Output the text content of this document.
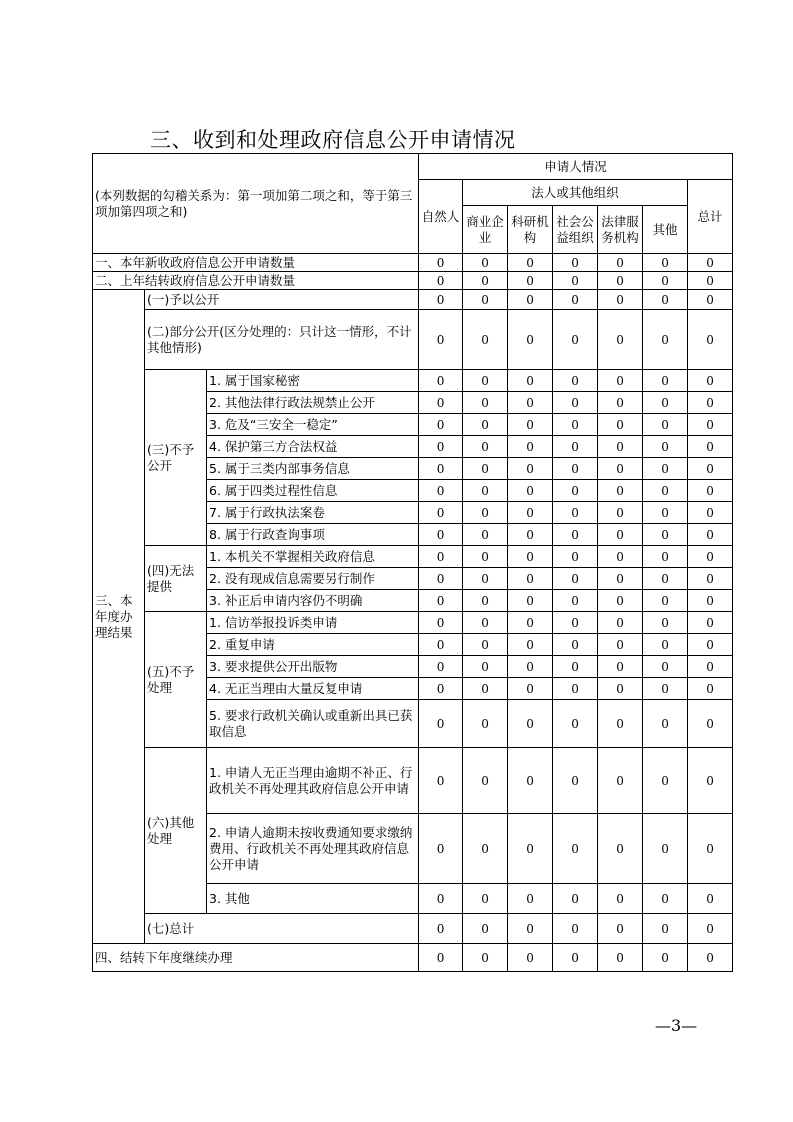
三、收到和处理政府信息公开申请情况
(本列数据的勾稽关系为：第一项加第二项之和，等于第三项加第四项之和)			申请人情况						

			自然人	法人或其他组织					总计
				商业企业	科研机构	社会公益组织	法律服务机构	其他	
一、本年新收政府信息公开申请数量			0	0	0	0	0	0	0
二、上年结转政府信息公开申请数量			0	0	0	0	0	0	0
三、本年度办理结果	(一)予以公开		0	0	0	0	0	0	0
	(二)部分公开(区分处理的：只计这一情形，不计其他情形)		0	0	0	0	0	0	0
	(三)不予公开	1. 属于国家秘密	0	0	0	0	0	0	0
		2. 其他法律行政法规禁止公开	0	0	0	0	0	0	0
		3. 危及“三安全一稳定”	0	0	0	0	0	0	0
		4. 保护第三方合法权益	0	0	0	0	0	0	0
		5. 属于三类内部事务信息	0	0	0	0	0	0	0
		6. 属于四类过程性信息	0	0	0	0	0	0	0
		7. 属于行政执法案卷	0	0	0	0	0	0	0
		8. 属于行政查询事项	0	0	0	0	0	0	0
	(四)无法提供	1. 本机关不掌握相关政府信息	0	0	0	0	0	0	0
		2. 没有现成信息需要另行制作	0	0	0	0	0	0	0
		3. 补正后申请内容仍不明确	0	0	0	0	0	0	0
	(五)不予处理	1. 信访举报投诉类申请	0	0	0	0	0	0	0
		2. 重复申请	0	0	0	0	0	0	0
		3. 要求提供公开出版物	0	0	0	0	0	0	0
		4. 无正当理由大量反复申请	0	0	0	0	0	0	0
		5. 要求行政机关确认或重新出具已获取信息	0	0	0	0	0	0	0
	(六)其他处理	1. 申请人无正当理由逾期不补正、行政机关不再处理其政府信息公开申请	0	0	0	0	0	0	0
		2. 申请人逾期未按收费通知要求缴纳费用、行政机关不再处理其政府信息公开申请	0	0	0	0	0	0	0
		3. 其他	0	0	0	0	0	0	0
	(七)总计		0	0	0	0	0	0	0
四、结转下年度继续办理			0	0	0	0	0	0	0
—3—
